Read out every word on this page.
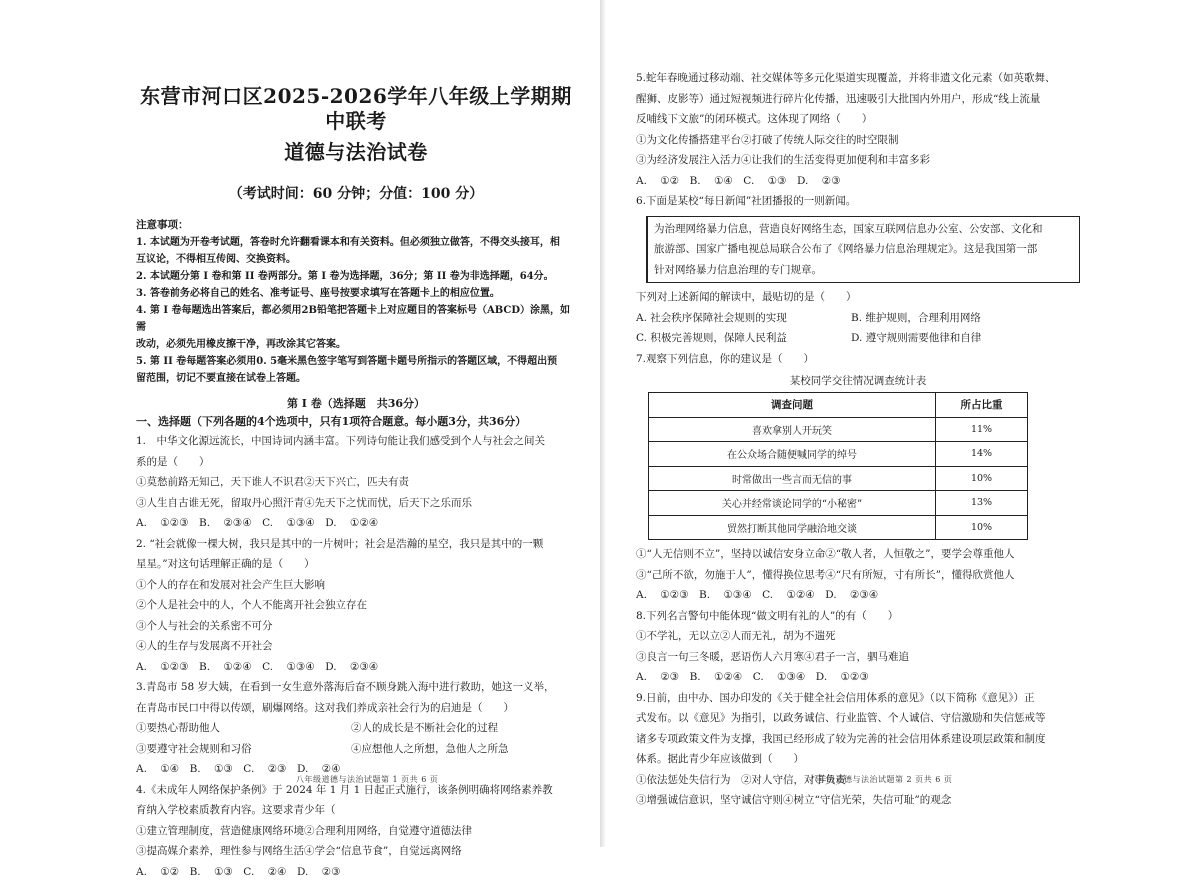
东营市河口区2025-2026学年八年级上学期期中联考
道德与法治试卷
（考试时间：60 分钟；分值：100 分）
注意事项：
1. 本试题为开卷考试题，答卷时允许翻看课本和有关资料。但必须独立做答，不得交头接耳，相
互议论，不得相互传阅、交换资料。
2. 本试题分第 I 卷和第 II 卷两部分。第 I 卷为选择题，36分；第 II 卷为非选择题，64分。
3. 答卷前务必将自己的姓名、准考证号、座号按要求填写在答题卡上的相应位置。
4. 第 I 卷每题选出答案后，都必须用2B铅笔把答题卡上对应题目的答案标号（ABCD）涂黑，如需
改动，必须先用橡皮擦干净，再改涂其它答案。
5. 第 II 卷每题答案必须用0. 5毫米黑色签字笔写到答题卡题号所指示的答题区域，不得超出预
留范围，切记不要直接在试卷上答题。
第 I 卷（选择题　共36分）
一、选择题（下列各题的4个选项中，只有1项符合题意。每小题3分，共36分）
1.　中华文化源远流长，中国诗词内涵丰富。下列诗句能让我们感受到个人与社会之间关
系的是（　　）
①莫愁前路无知己，天下谁人不识君②天下兴亡，匹夫有责
③人生自古谁无死，留取丹心照汗青④先天下之忧而忧，后天下之乐而乐
A. ①②③　B. ②③④　C. ①③④　D. ①②④
2. “社会就像一棵大树，我只是其中的一片树叶；社会是浩瀚的星空，我只是其中的一颗
星星。”对这句话理解正确的是（　　）
①个人的存在和发展对社会产生巨大影响
②个人是社会中的人，个人不能离开社会独立存在
③个人与社会的关系密不可分
④人的生存与发展离不开社会
A. ①②③　B. ①②④　C. ①③④　D. ②③④
3.青岛市 58 岁大姨，在看到一女生意外落海后奋不顾身跳入海中进行救助，她这一义举，
在青岛市民口中得以传颂，刷爆网络。这对我们养成亲社会行为的启迪是（　　）
①要热心帮助他人	②人的成长是不断社会化的过程
③要遵守社会规则和习俗	④应想他人之所想，急他人之所急
A. ①④　B. ①③　C. ②③　D. ②④
4.《未成年人网络保护条例》于 2024 年 1 月 1 日起正式施行，该条例明确将网络素养教
育纳入学校素质教育内容。这要求青少年（
①建立管理制度，营造健康网络环境②合理利用网络，自觉遵守道德法律
③提高媒介素养，理性参与网络生活④学会“信息节食”，自觉远离网络
A. ①②　B. ①③　C. ②④　D. ②③
八年级道德与法治试题第 1 页共 6 页
5.蛇年春晚通过移动端、社交媒体等多元化渠道实现覆盖，并将非遗文化元素（如英歌舞、
醒狮、皮影等）通过短视频进行碎片化传播，迅速吸引大批国内外用户，形成“线上流量
反哺线下文旅”的闭环模式。这体现了网络（　　）
①为文化传播搭建平台②打破了传统人际交往的时空限制
③为经济发展注入活力④让我们的生活变得更加便利和丰富多彩
A. ①②　B. ①④　C. ①③　D. ②③
6.下面是某校“每日新闻”社团播报的一则新闻。
为治理网络暴力信息，营造良好网络生态，国家互联网信息办公室、公安部、文化和
旅游部、国家广播电视总局联合公布了《网络暴力信息治理规定》。这是我国第一部
针对网络暴力信息治理的专门规章。
下列对上述新闻的解读中，最贴切的是（　　）
A. 社会秩序保障社会规则的实现	B. 维护规则，合理利用网络
C. 积极完善规则，保障人民利益	D. 遵守规则需要他律和自律
7.观察下列信息，你的建议是（　　）
某校同学交往情况调查统计表
调查问题	所占比重
喜欢拿别人开玩笑	11%
在公众场合随便喊同学的绰号	14%
时常做出一些言而无信的事	10%
关心并经常谈论同学的“小秘密”	13%
贸然打断其他同学融洽地交谈	10%
①“人无信则不立”，坚持以诚信安身立命②“敬人者，人恒敬之”，要学会尊重他人
③“己所不欲，勿施于人”，懂得换位思考④“尺有所短，寸有所长”，懂得欣赏他人
A. ①②③　B. ①③④　C. ①②④　D. ②③④
8.下列名言警句中能体现“做文明有礼的人”的有（　　）
①不学礼，无以立②人而无礼，胡为不遄死
③良言一句三冬暖，恶语伤人六月寒④君子一言，驷马难追
A. ②③　B. ①②④　C. ①③④　D. ①②③
9.日前，由中办、国办印发的《关于健全社会信用体系的意见》（以下简称《意见》）正
式发布。以《意见》为指引，以政务诚信、行业监管、个人诚信、守信激励和失信惩戒等
诸多专项政策文件为支撑，我国已经形成了较为完善的社会信用体系建设项层政策和制度
体系。据此青少年应该做到（　　）
①依法惩处失信行为　②对人守信，对事负责
③增强诚信意识，坚守诚信守则④树立“守信光荣，失信可耻”的观念
八年级道德与法治试题第 2 页共 6 页
